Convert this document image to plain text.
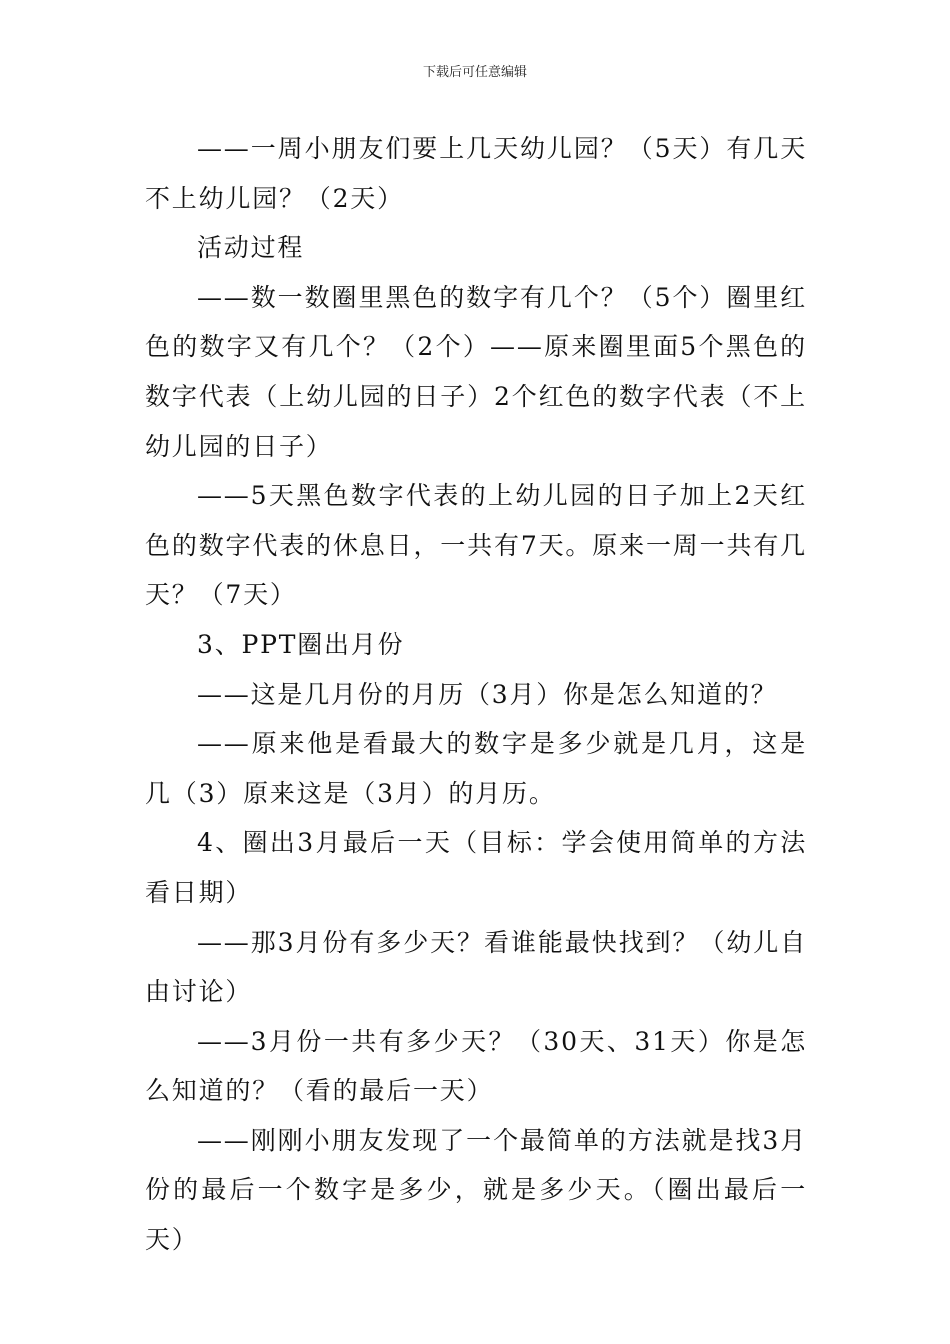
下载后可任意编辑

——一周小朋友们要上几天幼儿园？（5天）有几天不上幼儿园？（2天）

活动过程

——数一数圈里黑色的数字有几个？（5个）圈里红色的数字又有几个？（2个）——原来圈里面5个黑色的数字代表（上幼儿园的日子）2个红色的数字代表（不上幼儿园的日子）

——5天黑色数字代表的上幼儿园的日子加上2天红色的数字代表的休息日，一共有7天。原来一周一共有几天？（7天）

3、PPT圈出月份

——这是几月份的月历（3月）你是怎么知道的？

——原来他是看最大的数字是多少就是几月，这是几（3）原来这是（3月）的月历。

4、圈出3月最后一天（目标：学会使用简单的方法看日期）

——那3月份有多少天？看谁能最快找到？（幼儿自由讨论）

——3月份一共有多少天？（30天、31天）你是怎么知道的？（看的最后一天）

——刚刚小朋友发现了一个最简单的方法就是找3月份的最后一个数字是多少，就是多少天。（圈出最后一天）
